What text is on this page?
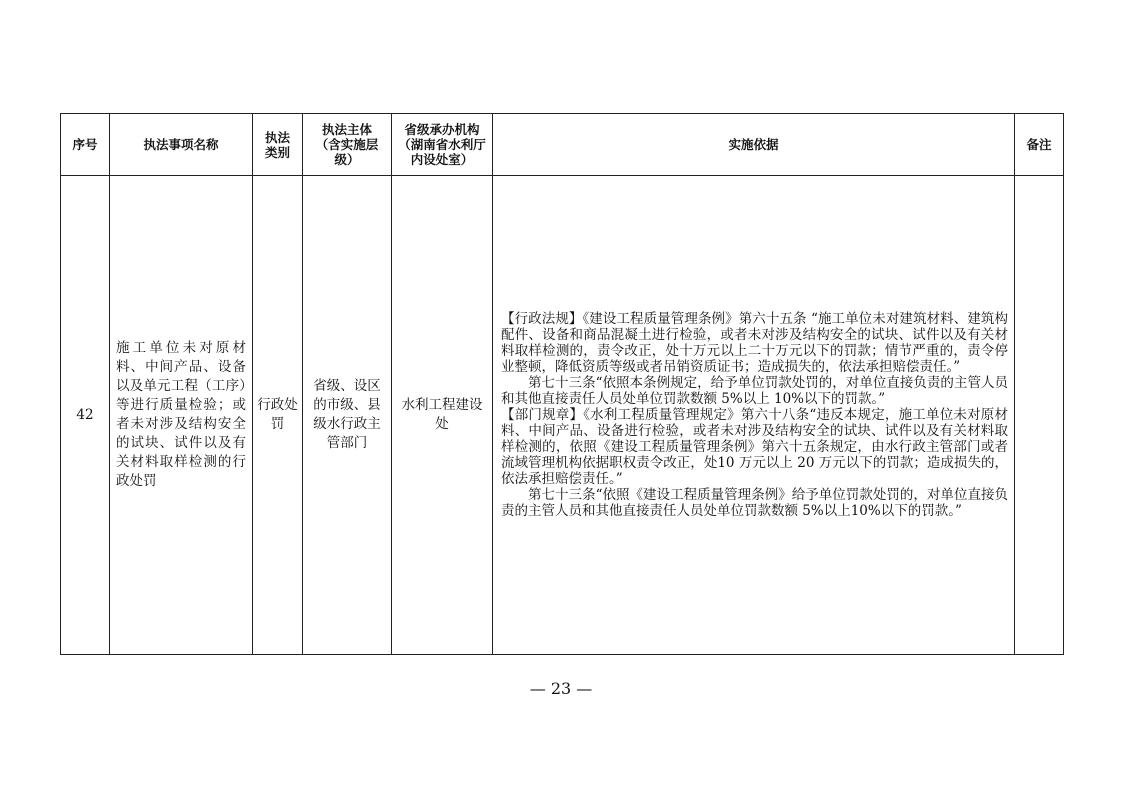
序号	执法事项名称	执法类别	执法主体（含实施层级）	省级承办机构（湖南省水利厅内设处室）	实施依据	备注
42	施工单位未对原材料、中间产品、设备以及单元工程（工序）等进行质量检验；或者未对涉及结构安全的试块、试件以及有关材料取样检测的行政处罚	行政处罚	省级、设区的市级、县级水行政主管部门	水利工程建设处	【行政法规】《建设工程质量管理条例》第六十五条 “施工单位未对建筑材料、建筑构配件、设备和商品混凝土进行检验，或者未对涉及结构安全的试块、试件以及有关材料取样检测的，责令改正，处十万元以上二十万元以下的罚款；情节严重的，责令停业整顿，降低资质等级或者吊销资质证书；造成损失的，依法承担赔偿责任。”

第七十三条“依照本条例规定，给予单位罚款处罚的，对单位直接负责的主管人员和其他直接责任人员处单位罚款数额 5%以上 10%以下的罚款。”

【部门规章】《水利工程质量管理规定》第六十八条“违反本规定，施工单位未对原材料、中间产品、设备进行检验，或者未对涉及结构安全的试块、试件以及有关材料取样检测的，依照《建设工程质量管理条例》第六十五条规定，由水行政主管部门或者流域管理机构依据职权责令改正，处10 万元以上 20 万元以下的罚款；造成损失的，依法承担赔偿责任。”

第七十三条“依照《建设工程质量管理条例》给予单位罚款处罚的，对单位直接负责的主管人员和其他直接责任人员处单位罚款数额 5%以上10%以下的罚款。”	

— 23 —
